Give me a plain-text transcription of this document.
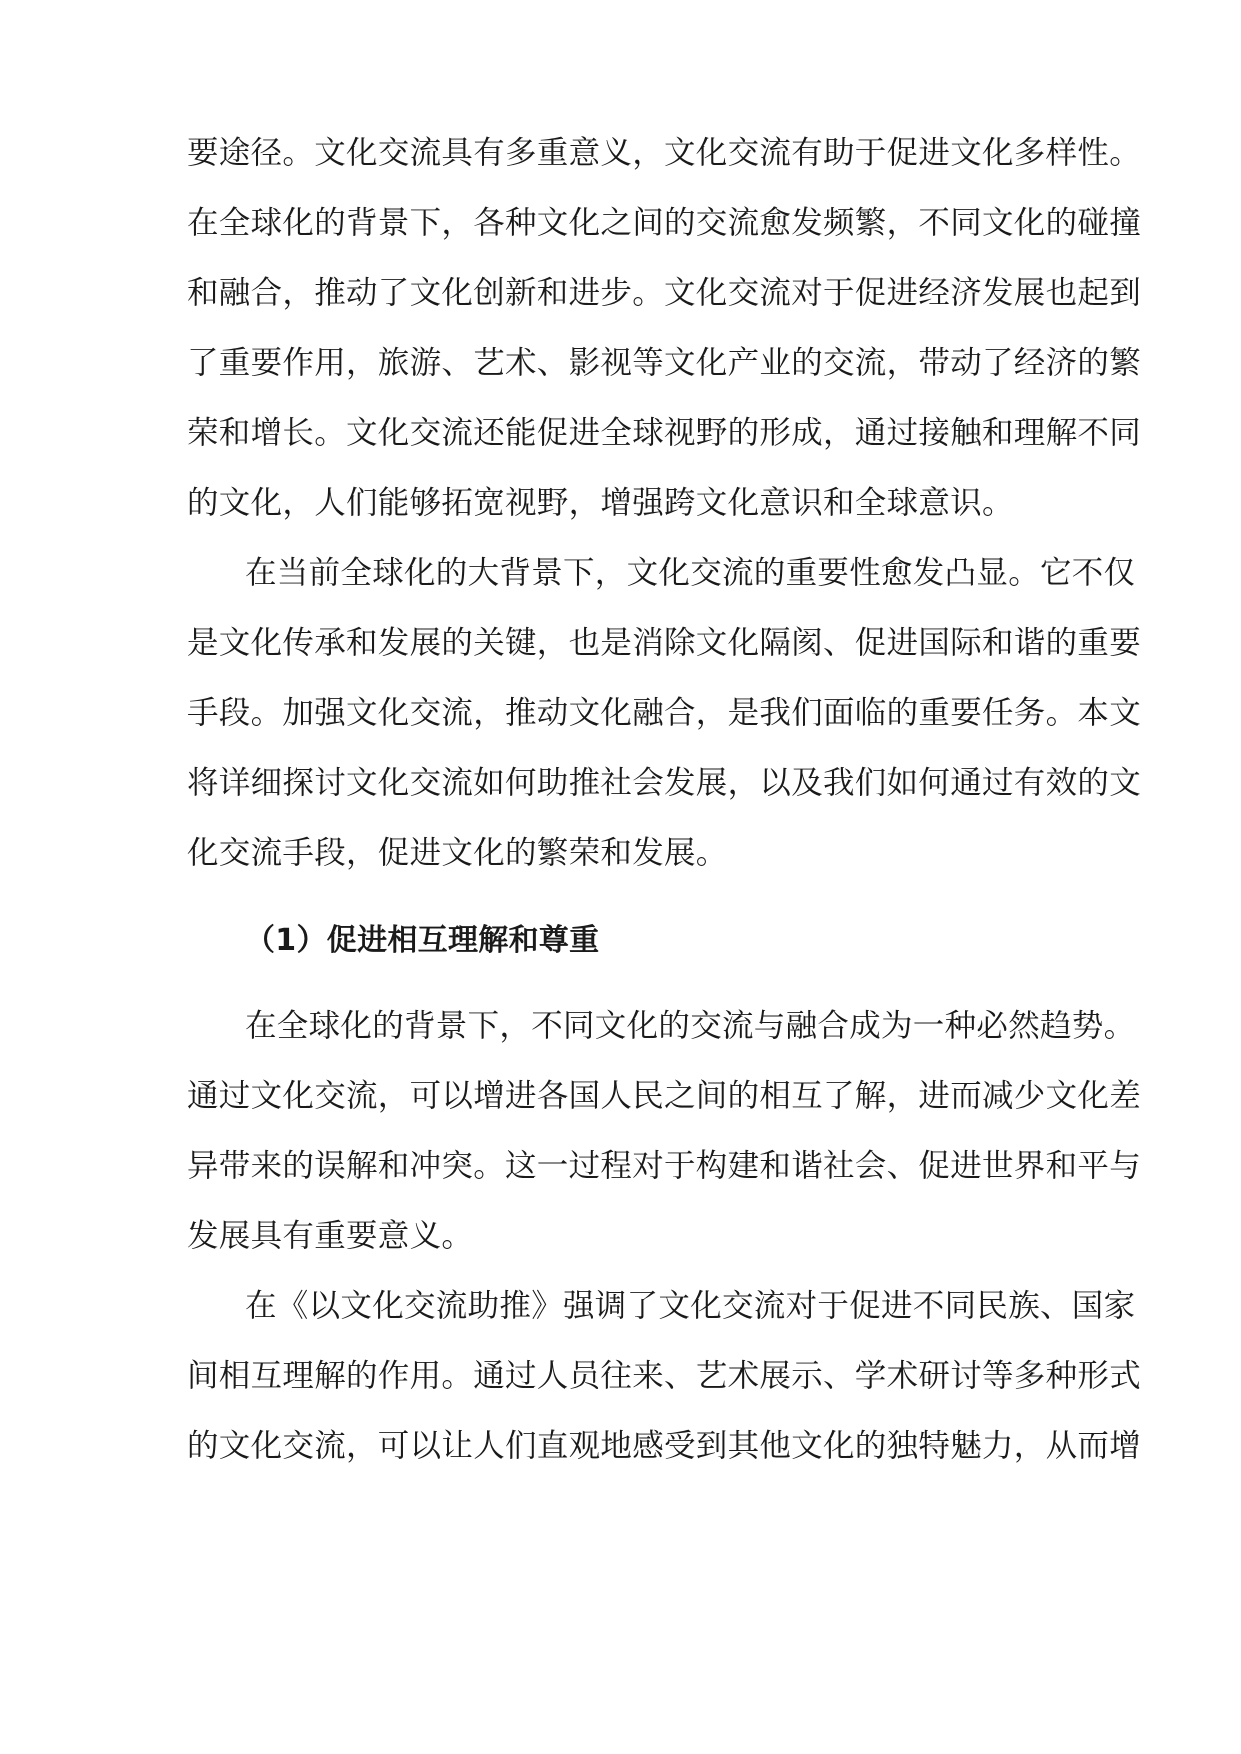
要途径。文化交流具有多重意义，文化交流有助于促进文化多样性。
在全球化的背景下，各种文化之间的交流愈发频繁，不同文化的碰撞
和融合，推动了文化创新和进步。文化交流对于促进经济发展也起到
了重要作用，旅游、艺术、影视等文化产业的交流，带动了经济的繁
荣和增长。文化交流还能促进全球视野的形成，通过接触和理解不同
的文化，人们能够拓宽视野，增强跨文化意识和全球意识。
在当前全球化的大背景下，文化交流的重要性愈发凸显。它不仅
是文化传承和发展的关键，也是消除文化隔阂、促进国际和谐的重要
手段。加强文化交流，推动文化融合，是我们面临的重要任务。本文
将详细探讨文化交流如何助推社会发展，以及我们如何通过有效的文
化交流手段，促进文化的繁荣和发展。
（1）促进相互理解和尊重
在全球化的背景下，不同文化的交流与融合成为一种必然趋势。
通过文化交流，可以增进各国人民之间的相互了解，进而减少文化差
异带来的误解和冲突。这一过程对于构建和谐社会、促进世界和平与
发展具有重要意义。
在《以文化交流助推》强调了文化交流对于促进不同民族、国家
间相互理解的作用。通过人员往来、艺术展示、学术研讨等多种形式
的文化交流，可以让人们直观地感受到其他文化的独特魅力，从而增
